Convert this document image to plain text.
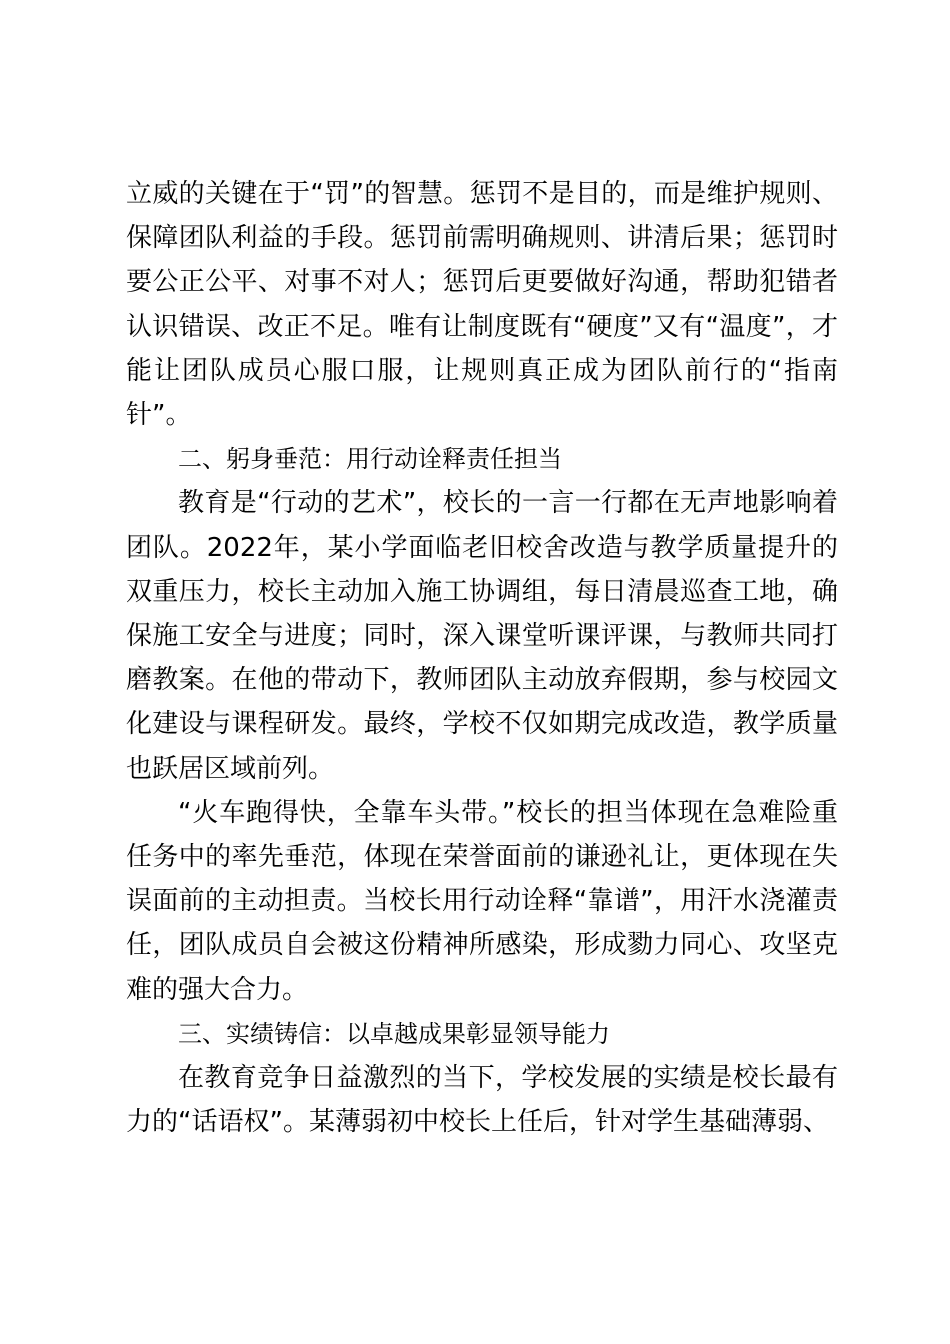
立威的关键在于“罚”的智慧。惩罚不是目的，而是维护规则、保障团队利益的手段。惩罚前需明确规则、讲清后果；惩罚时要公正公平、对事不对人；惩罚后更要做好沟通，帮助犯错者认识错误、改正不足。唯有让制度既有“硬度”又有“温度”，才能让团队成员心服口服，让规则真正成为团队前行的“指南针”。

二、躬身垂范：用行动诠释责任担当

教育是“行动的艺术”，校长的一言一行都在无声地影响着团队。2022年，某小学面临老旧校舍改造与教学质量提升的双重压力，校长主动加入施工协调组，每日清晨巡查工地，确保施工安全与进度；同时，深入课堂听课评课，与教师共同打磨教案。在他的带动下，教师团队主动放弃假期，参与校园文化建设与课程研发。最终，学校不仅如期完成改造，教学质量也跃居区域前列。

“火车跑得快，全靠车头带。”校长的担当体现在急难险重任务中的率先垂范，体现在荣誉面前的谦逊礼让，更体现在失误面前的主动担责。当校长用行动诠释“靠谱”，用汗水浇灌责任，团队成员自会被这份精神所感染，形成勠力同心、攻坚克难的强大合力。

三、实绩铸信：以卓越成果彰显领导能力

在教育竞争日益激烈的当下，学校发展的实绩是校长最有力的“话语权”。某薄弱初中校长上任后，针对学生基础薄弱、
